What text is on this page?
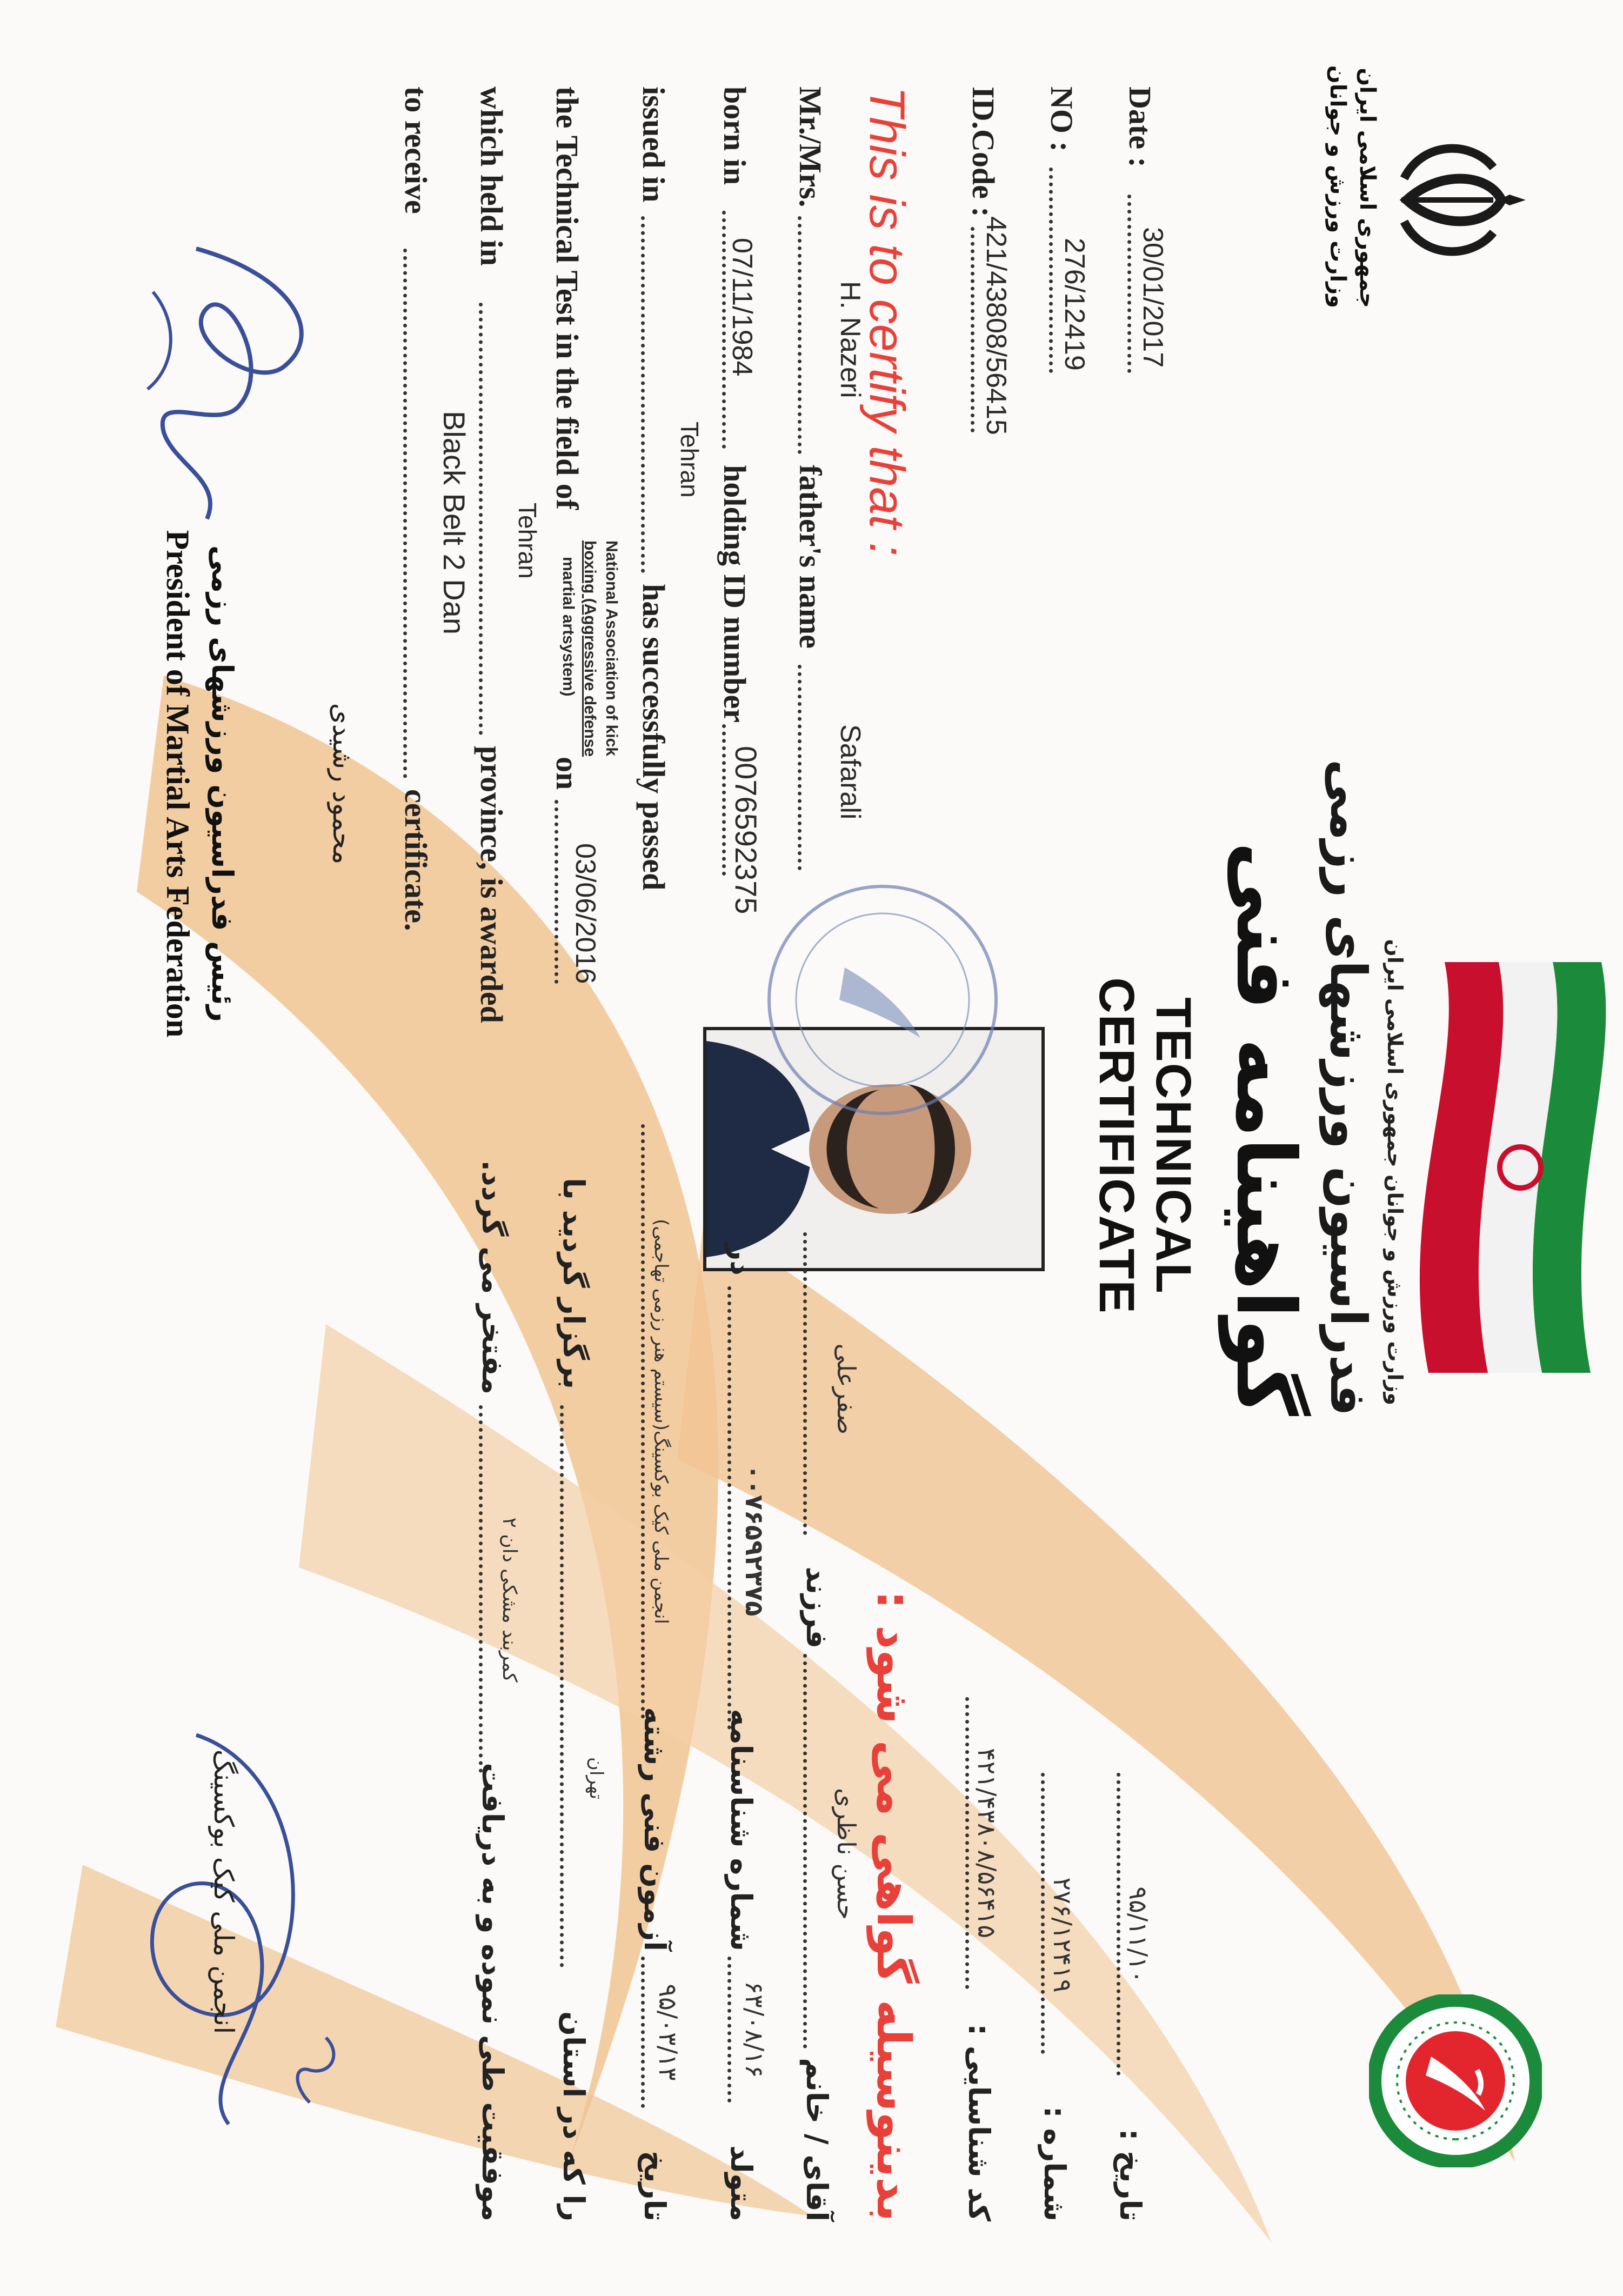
جمهوری اسلامی ایران
وزارت ورزش و جوانان
وزارت ورزش و جوانان جمهوری اسلامی ایران
فدراسیون ورزشهای رزمی
گواهینامه فنی
TECHNICAL CERTIFICATE
Date :
30/01/2017
NO :
276/12419
ID.Code :
421/43808/56415
تاریخ :
۹۵/۱۱/۱۰
شماره :
۲۷۶/۱۲۴۱۹
کد شناسایی :
۴۲۱/۴۳۸۰۸/۵۶۴۱۵
This is to certify that :
Mr./Mrs.
H. Nazeri
father's name
Safarali
born in
07/11/1984
holding ID number
0076592375
issued in
Tehran
has successfully passed
the Technical Test in the field of
National Association of kick
boxing (Aggressive defense
martial artsystem)
on
03/06/2016
which held in
Tehran
province, is awarded
to receive
Black Belt 2 Dan
certificate.
بدینوسیله گواهی می شود :
آقای / خانم
حسن ناظری
فرزند
صفرعلی
متولد
۶۳/۰۸/۱۶
شماره شناسنامه
۰۰۷۶۵۹۲۳۷۵
در
تاریخ
۹۵/۰۳/۱۳
آزمون فنی رشته
انجمن ملی کیک بوکسینگ(سیستم هنر رزمی تهاجمی)
برگزار گردید با
را که در استان
تهران
موفقیت طی نموده و به دریافت
کمربند مشکی دان ۲
مفتخر می گردد.
محمود رشیدی
رئیس فدراسیون ورزشهای رزمی
President of Martial Arts Federation
انجمن ملی کیک بوکسینگ
